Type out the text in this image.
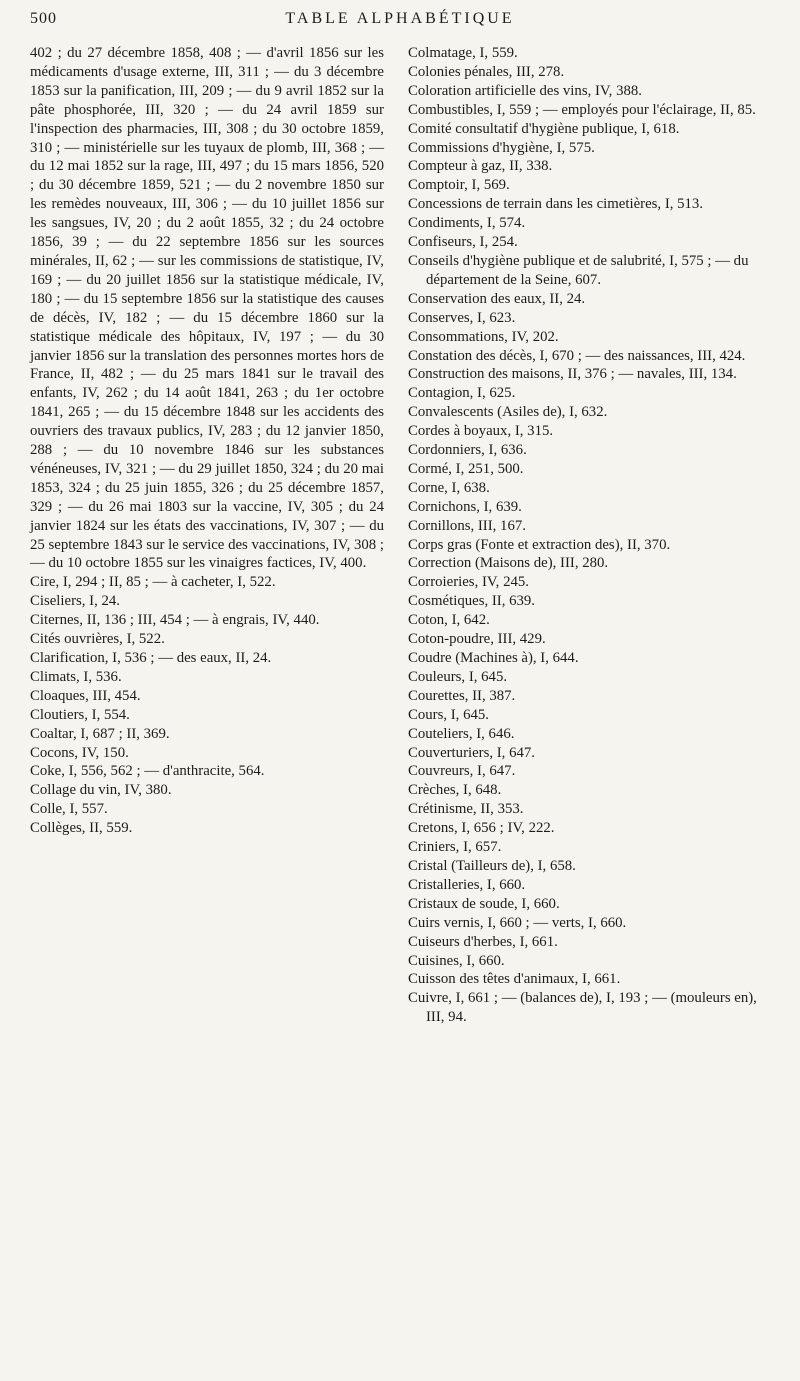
500	TABLE ALPHABÉTIQUE

402 ; du 27 décembre 1858, 408 ; — d'avril 1856 sur les médicaments d'usage externe, III, 311 ; — du 3 décembre 1853 sur la panification, III, 209 ; — du 9 avril 1852 sur la pâte phosphorée, III, 320 ; — du 24 avril 1859 sur l'inspection des pharmacies, III, 308 ; du 30 octobre 1859, 310 ; — ministérielle sur les tuyaux de plomb, III, 368 ; — du 12 mai 1852 sur la rage, III, 497 ; du 15 mars 1856, 520 ; du 30 décembre 1859, 521 ; — du 2 novembre 1850 sur les remèdes nouveaux, III, 306 ; — du 10 juillet 1856 sur les sangsues, IV, 20 ; du 2 août 1855, 32 ; du 24 octobre 1856, 39 ; — du 22 septembre 1856 sur les sources minérales, II, 62 ; — sur les commissions de statistique, IV, 169 ; — du 20 juillet 1856 sur la statistique médicale, IV, 180 ; — du 15 septembre 1856 sur la statistique des causes de décès, IV, 182 ; — du 15 décembre 1860 sur la statistique médicale des hôpitaux, IV, 197 ; — du 30 janvier 1856 sur la translation des personnes mortes hors de France, II, 482 ; — du 25 mars 1841 sur le travail des enfants, IV, 262 ; du 14 août 1841, 263 ; du 1er octobre 1841, 265 ; — du 15 décembre 1848 sur les accidents des ouvriers des travaux publics, IV, 283 ; du 12 janvier 1850, 288 ; — du 10 novembre 1846 sur les substances vénéneuses, IV, 321 ; — du 29 juillet 1850, 324 ; du 20 mai 1853, 324 ; du 25 juin 1855, 326 ; du 25 décembre 1857, 329 ; — du 26 mai 1803 sur la vaccine, IV, 305 ; du 24 janvier 1824 sur les états des vaccinations, IV, 307 ; — du 25 septembre 1843 sur le service des vaccinations, IV, 308 ; — du 10 octobre 1855 sur les vinaigres factices, IV, 400.

Cire, I, 294 ; II, 85 ; — à cacheter, I, 522.

Ciseliers, I, 24.

Citernes, II, 136 ; III, 454 ; — à engrais, IV, 440.

Cités ouvrières, I, 522.

Clarification, I, 536 ; — des eaux, II, 24.

Climats, I, 536.

Cloaques, III, 454.

Cloutiers, I, 554.

Coaltar, I, 687 ; II, 369.

Cocons, IV, 150.

Coke, I, 556, 562 ; — d'anthracite, 564.

Collage du vin, IV, 380.

Colle, I, 557.

Collèges, II, 559.

Colmatage, I, 559.

Colonies pénales, III, 278.

Coloration artificielle des vins, IV, 388.

Combustibles, I, 559 ; — employés pour l'éclairage, II, 85.

Comité consultatif d'hygiène publique, I, 618.

Commissions d'hygiène, I, 575.

Compteur à gaz, II, 338.

Comptoir, I, 569.

Concessions de terrain dans les cimetières, I, 513.

Condiments, I, 574.

Confiseurs, I, 254.

Conseils d'hygiène publique et de salubrité, I, 575 ; — du département de la Seine, 607.

Conservation des eaux, II, 24.

Conserves, I, 623.

Consommations, IV, 202.

Constation des décès, I, 670 ; — des naissances, III, 424.

Construction des maisons, II, 376 ; — navales, III, 134.

Contagion, I, 625.

Convalescents (Asiles de), I, 632.

Cordes à boyaux, I, 315.

Cordonniers, I, 636.

Cormé, I, 251, 500.

Corne, I, 638.

Cornichons, I, 639.

Cornillons, III, 167.

Corps gras (Fonte et extraction des), II, 370.

Correction (Maisons de), III, 280.

Corroieries, IV, 245.

Cosmétiques, II, 639.

Coton, I, 642.

Coton-poudre, III, 429.

Coudre (Machines à), I, 644.

Couleurs, I, 645.

Courettes, II, 387.

Cours, I, 645.

Couteliers, I, 646.

Couverturiers, I, 647.

Couvreurs, I, 647.

Crèches, I, 648.

Crétinisme, II, 353.

Cretons, I, 656 ; IV, 222.

Criniers, I, 657.

Cristal (Tailleurs de), I, 658.

Cristalleries, I, 660.

Cristaux de soude, I, 660.

Cuirs vernis, I, 660 ; — verts, I, 660.

Cuiseurs d'herbes, I, 661.

Cuisines, I, 660.

Cuisson des têtes d'animaux, I, 661.

Cuivre, I, 661 ; — (balances de), I, 193 ; — (mouleurs en), III, 94.
